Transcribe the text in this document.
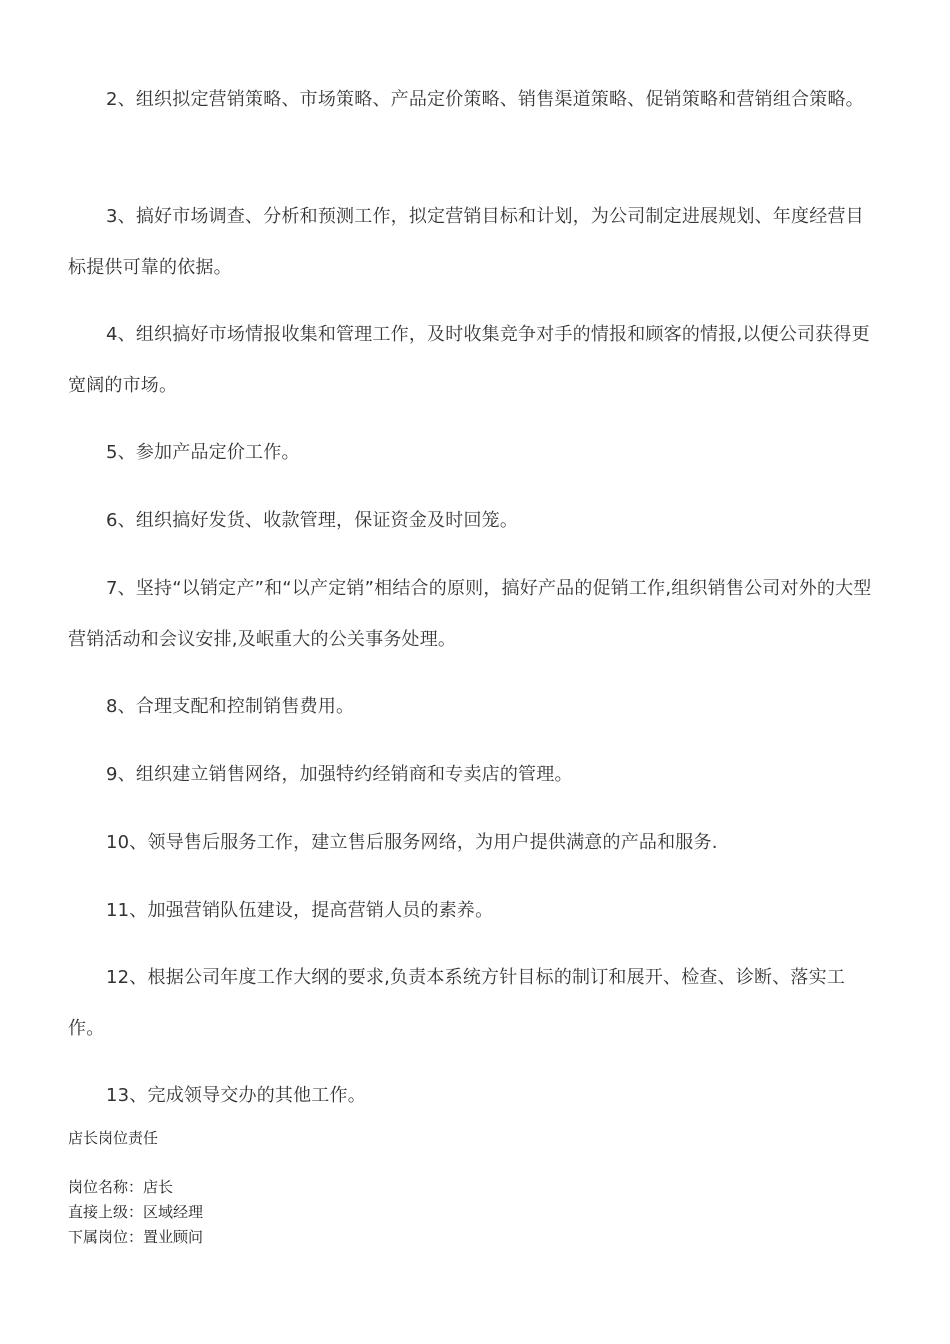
2、组织拟定营销策略、市场策略、产品定价策略、销售渠道策略、促销策略和营销组合策略。

3、搞好市场调查、分析和预测工作，拟定营销目标和计划，为公司制定进展规划、年度经营目标提供可靠的依据。

4、组织搞好市场情报收集和管理工作，及时收集竞争对手的情报和顾客的情报,以便公司获得更宽阔的市场。

5、参加产品定价工作。

6、组织搞好发货、收款管理，保证资金及时回笼。

7、坚持“以销定产”和“以产定销”相结合的原则，搞好产品的促销工作,组织销售公司对外的大型营销活动和会议安排,及岷重大的公关事务处理。

8、合理支配和控制销售费用。

9、组织建立销售网络，加强特约经销商和专卖店的管理。

10、领导售后服务工作，建立售后服务网络，为用户提供满意的产品和服务.

11、加强营销队伍建设，提高营销人员的素养。

12、根据公司年度工作大纲的要求,负责本系统方针目标的制订和展开、检查、诊断、落实工作。

13、完成领导交办的其他工作。

店长岗位责任

岗位名称：店长

直接上级：区域经理

下属岗位：置业顾问
